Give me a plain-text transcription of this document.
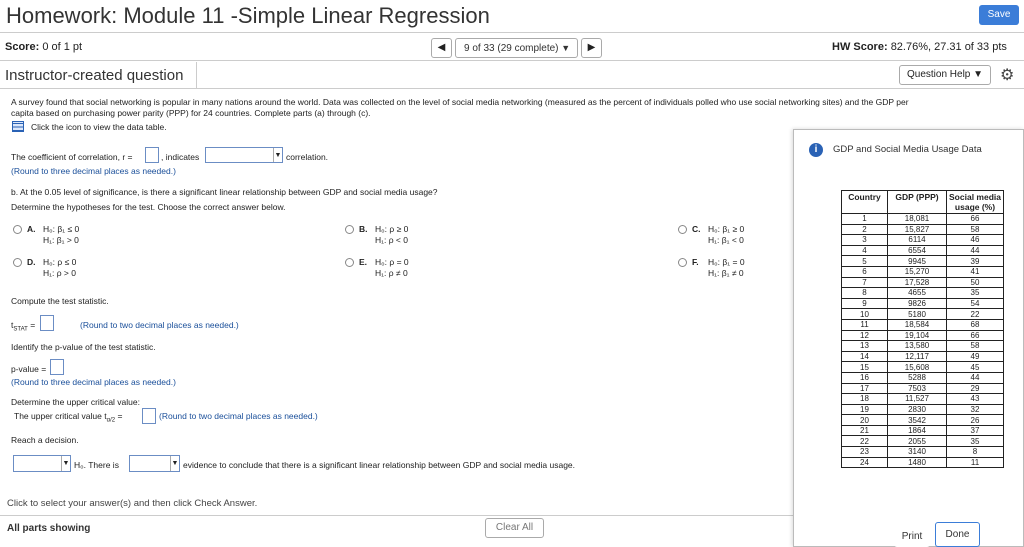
Homework: Module 11 -Simple Linear Regression	Save
Score: 0 of 1 pt	◀	9 of 33 (29 complete) ▼	▶	HW Score: 82.76%, 27.31 of 33 pts
Instructor-created question	Question Help ▼	⚙
A survey found that social networking is popular in many nations around the world. Data was collected on the level of social media networking (measured as the percent of individuals polled who use social networking sites) and the GDP per
capita based on purchasing power parity (PPP) for 24 countries. Complete parts (a) through (c).
Click the icon to view the data table.
The coefficient of correlation, r =	, indicates	▼ correlation.
(Round to three decimal places as needed.)
b. At the 0.05 level of significance, is there a significant linear relationship between GDP and social media usage?
Determine the hypotheses for the test. Choose the correct answer below.
A. H₀: β₁ ≤ 0
H₁: β₁ > 0
B. H₀: ρ ≥ 0
H₁: ρ < 0
C. H₀: β₁ ≥ 0
H₁: β₁ < 0
D. H₀: ρ ≤ 0
H₁: ρ > 0
E. H₀: ρ = 0
H₁: ρ ≠ 0
F. H₀: β₁ = 0
H₁: β₁ ≠ 0
Compute the test statistic.
$t_{STAT}$ =	(Round to two decimal places as needed.)
Identify the p-value of the test statistic.
p-value =
(Round to three decimal places as needed.)
Determine the upper critical value:
The upper critical value $t_{\alpha/2}$ =	(Round to two decimal places as needed.)
Reach a decision.
▼ H₀. There is	▼ evidence to conclude that there is a significant linear relationship between GDP and social media usage.
Click to select your answer(s) and then click Check Answer.
All parts showing	Clear All
i	GDP and Social Media Usage Data
Country	GDP (PPP)	Social media usage (%)
1	18,081	66
2	15,827	58
3	6114	46
4	6554	44
5	9945	39
6	15,270	41
7	17,528	50
8	4655	35
9	9826	54
10	5180	22
11	18,584	68
12	19,104	66
13	13,580	58
14	12,117	49
15	15,608	45
16	5288	44
17	7503	29
18	11,527	43
19	2830	32
20	3542	26
21	1864	37
22	2055	35
23	3140	8
24	1480	11
Print	Done
